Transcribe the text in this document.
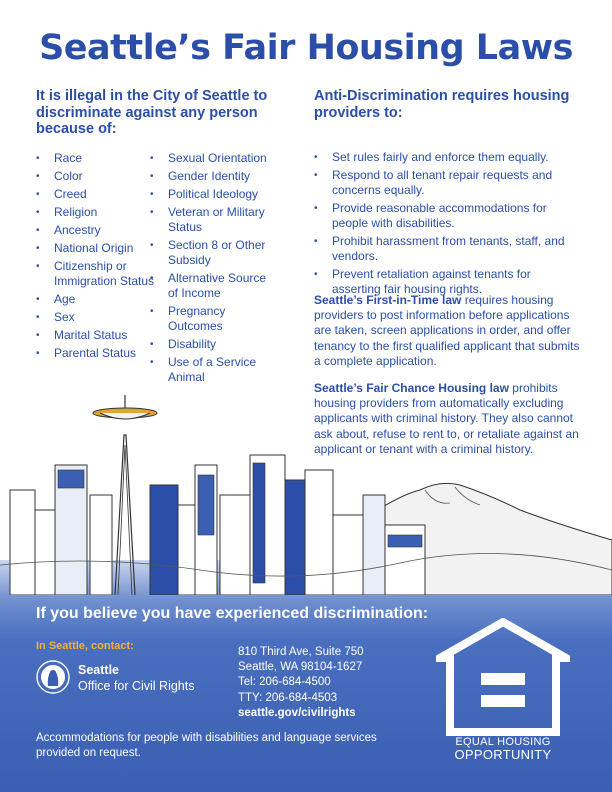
Seattle’s Fair Housing Laws
It is illegal in the City of Seattle to discriminate against any person because of:
Anti-Discrimination requires housing providers to:
• Race
• Color
• Creed
• Religion
• Ancestry
• National Origin
• Citizenship or Immigration Status
• Age
• Sex
• Marital Status
• Parental Status
• Sexual Orientation
• Gender Identity
• Political Ideology
• Veteran or Military Status
• Section 8 or Other Subsidy
• Alternative Source of Income
• Pregnancy Outcomes
• Disability
• Use of a Service Animal
• Set rules fairly and enforce them equally.
• Respond to all tenant repair requests and concerns equally.
• Provide reasonable accommodations for people with disabilities.
• Prohibit harassment from tenants, staff, and vendors.
• Prevent retaliation against tenants for asserting fair housing rights.
Seattle’s First-in-Time law requires housing providers to post information before applications are taken, screen applications in order, and offer tenancy to the first qualified applicant that submits a complete application.
Seattle’s Fair Chance Housing law prohibits housing providers from automatically excluding applicants with criminal history. They also cannot ask about, refuse to rent to, or retaliate against an applicant or tenant with a criminal history.
If you believe you have experienced discrimination:
In Seattle, contact:
Seattle
Office for Civil Rights
810 Third Ave, Suite 750
Seattle, WA 98104-1627
Tel: 206-684-4500
TTY: 206-684-4503
seattle.gov/civilrights
EQUAL HOUSING
OPPORTUNITY
Accommodations for people with disabilities and language services provided on request.
